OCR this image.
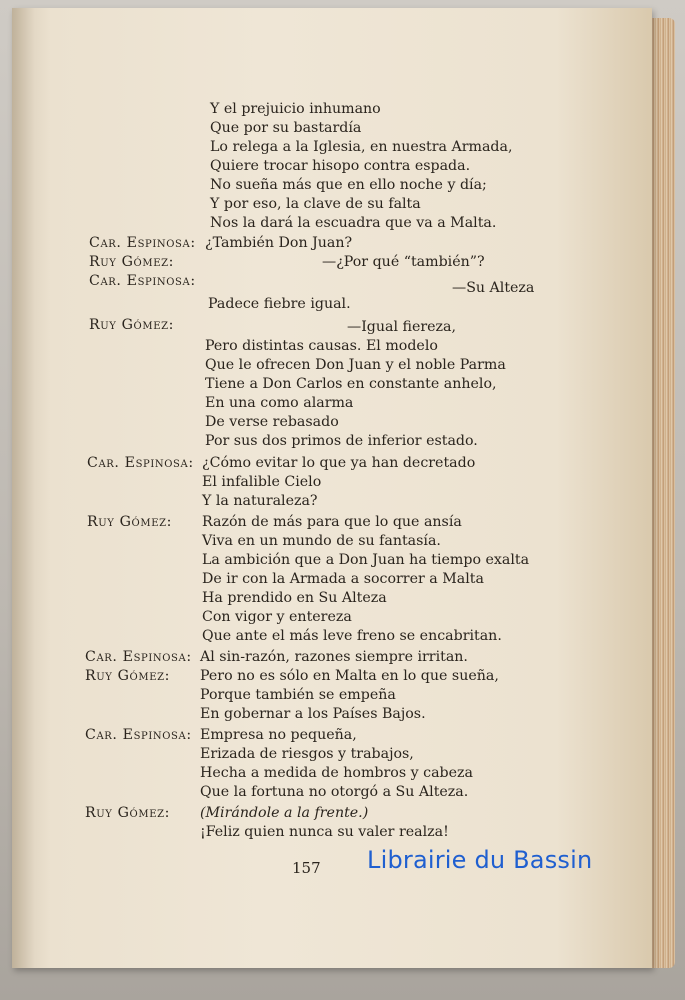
Y el prejuicio inhumano
Que por su bastardía
Lo relega a la Iglesia, en nuestra Armada,
Quiere trocar hisopo contra espada.
No sueña más que en ello noche y día;
Y por eso, la clave de su falta
Nos la dará la escuadra que va a Malta.
Car. Espinosa: ¿También Don Juan?
Ruy Gómez:	—¿Por qué “también”?
Car. Espinosa:	—Su Alteza
Padece fiebre igual.
Ruy Gómez:	—Igual fiereza,
Pero distintas causas. El modelo
Que le ofrecen Don Juan y el noble Parma
Tiene a Don Carlos en constante anhelo,
En una como alarma
De verse rebasado
Por sus dos primos de inferior estado.
Car. Espinosa: ¿Cómo evitar lo que ya han decretado
El infalible Cielo
Y la naturaleza?
Ruy Gómez: Razón de más para que lo que ansía
Viva en un mundo de su fantasía.
La ambición que a Don Juan ha tiempo exalta
De ir con la Armada a socorrer a Malta
Ha prendido en Su Alteza
Con vigor y entereza
Que ante el más leve freno se encabritan.
Car. Espinosa: Al sin-razón, razones siempre irritan.
Ruy Gómez: Pero no es sólo en Malta en lo que sueña,
Porque también se empeña
En gobernar a los Países Bajos.
Car. Espinosa: Empresa no pequeña,
Erizada de riesgos y trabajos,
Hecha a medida de hombros y cabeza
Que la fortuna no otorgó a Su Alteza.
Ruy Gómez: (Mirándole a la frente.)
¡Feliz quien nunca su valer realza!
157 Librairie du Bassin
